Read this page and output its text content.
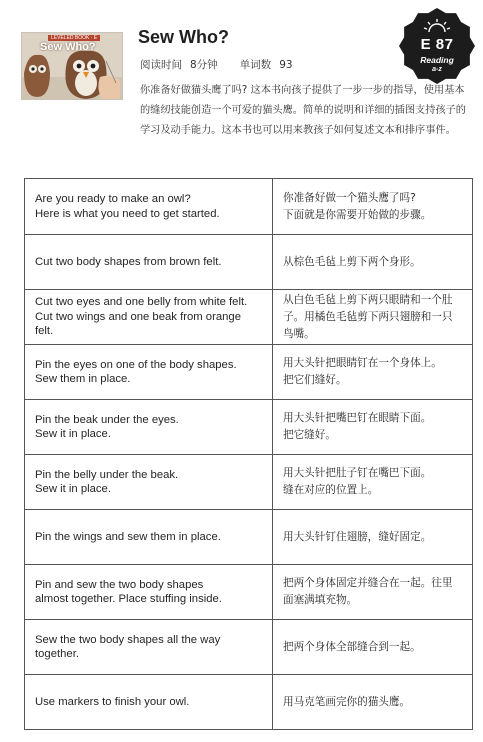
LEVELED BOOK · E
Sew Who? Sew Who?
阅读时间 8分钟 单词数 93
你准备好做猫头鹰了吗? 这本书向孩子提供了一步一步的指导，使用基本的缝纫技能创造一个可爱的猫头鹰。简单的说明和详细的插图支持孩子的学习及动手能力。这本书也可以用来教孩子如何复述文本和排序事件。
E 87
Reading
a-z
Are you ready to make an owl?
Here is what you need to get started.	你准备好做一个猫头鹰了吗?
下面就是你需要开始做的步骤。
Cut two body shapes from brown felt.	从棕色毛毡上剪下两个身形。
Cut two eyes and one belly from white felt.
Cut two wings and one beak from orange felt.	从白色毛毡上剪下两只眼睛和一个肚子。用橘色毛毡剪下两只翅膀和一只鸟嘴。
Pin the eyes on one of the body shapes.
Sew them in place.	用大头针把眼睛钉在一个身体上。
把它们缝好。
Pin the beak under the eyes.
Sew it in place.	用大头针把嘴巴钉在眼睛下面。
把它缝好。
Pin the belly under the beak.
Sew it in place.	用大头针把肚子钉在嘴巴下面。
缝在对应的位置上。
Pin the wings and sew them in place.	用大头针钉住翅膀，缝好固定。
Pin and sew the two body shapes
almost together. Place stuffing inside.	把两个身体固定并缝合在一起。往里面塞满填充物。
Sew the two body shapes all the way
together.	把两个身体全部缝合到一起。
Use markers to finish your owl.	用马克笔画完你的猫头鹰。
